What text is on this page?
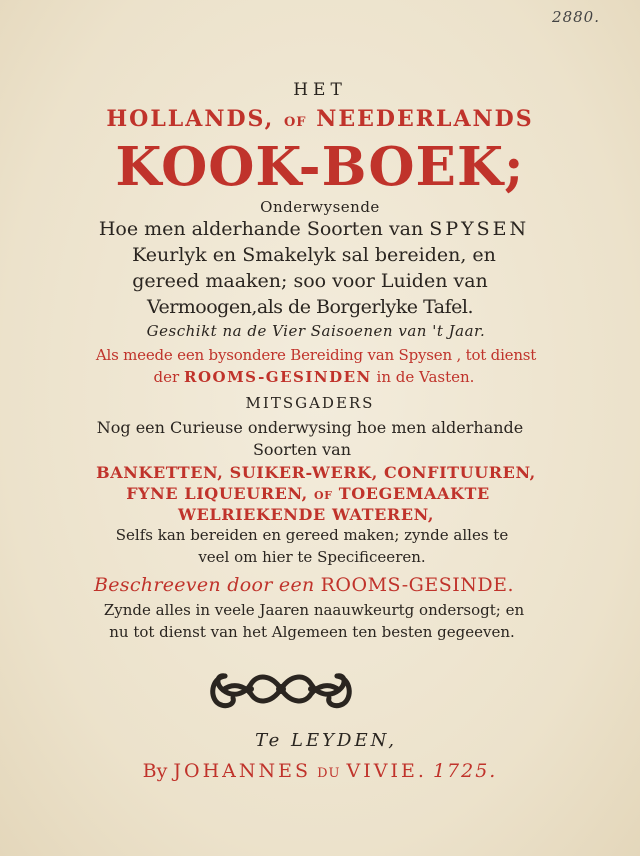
2880.
HET
HOLLANDS, OF NEEDERLANDS
KOOK-BOEK;
Onderwysende
Hoe men alderhande Soorten van SPYSEN
Keurlyk en Smakelyk sal bereiden, en
gereed maaken; soo voor Luiden van
Vermoogen,als de Borgerlyke Tafel.
Geschikt na de Vier Saisoenen van 't Jaar.
Als meede een bysondere Bereiding van Spysen , tot dienst
der ROOMS-GESINDEN in de Vasten.
MITSGADERS
Nog een Curieuse onderwysing hoe men alderhande
Soorten van
BANKETTEN, SUIKER-WERK, CONFITUUREN,
FYNE LIQUEUREN, OF TOEGEMAAKTE
WELRIEKENDE WATEREN,
Selfs kan bereiden en gereed maken; zynde alles te
veel om hier te Specificeeren.
Beschreeven door een ROOMS-GESINDE.
Zynde alles in veele Jaaren naauwkeurtg ondersogt; en
nu tot dienst van het Algemeen ten besten gegeeven.
Te LEYDEN,
By JOHANNES DU VIVIE. 1725.
